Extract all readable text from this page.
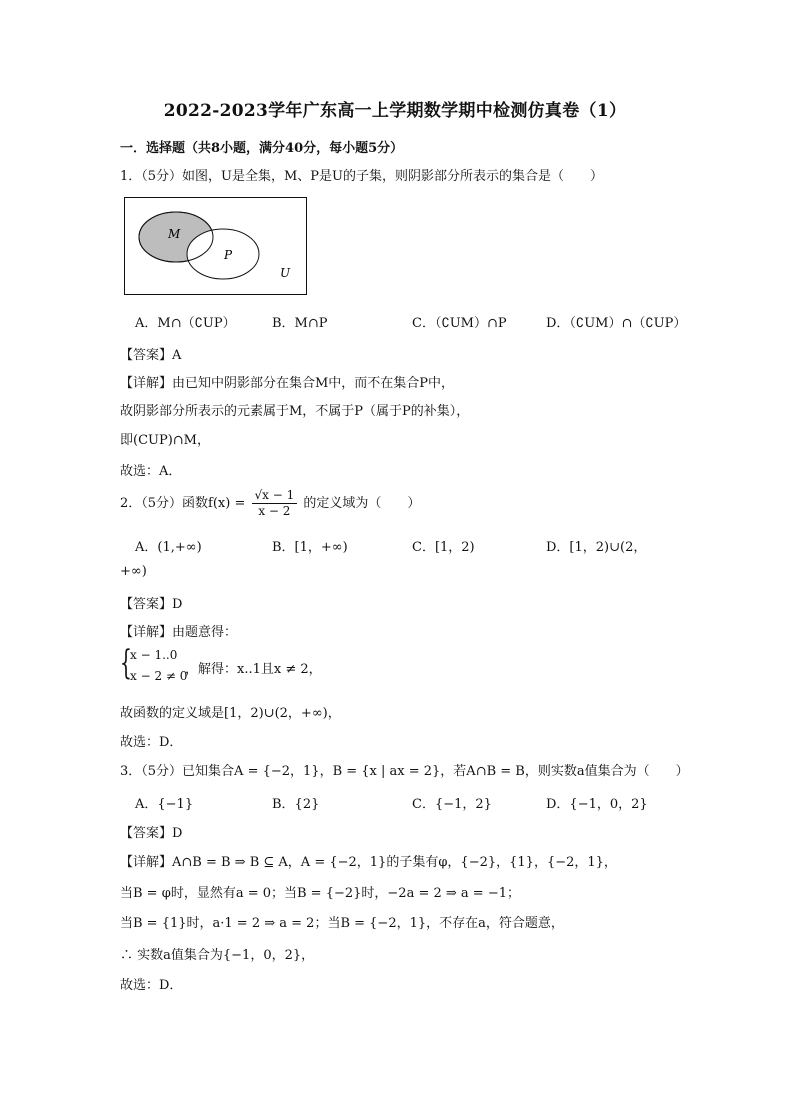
2022-2023学年广东高一上学期数学期中检测仿真卷（1）
一．选择题（共8小题，满分40分，每小题5分）
1．（5分）如图，U是全集，M、P是U的子集，则阴影部分所表示的集合是（　　）
M
P
U
A．M∩（∁UP）	B．M∩P	C．（∁UM）∩P	D．（∁UM）∩（∁UP）
【答案】A
【详解】由已知中阴影部分在集合M中，而不在集合P中，
故阴影部分所表示的元素属于M，不属于P（属于P的补集），
即(CUP)∩M，
故选：A．
2．（5分）函数$f(x) = \frac{√x - 1}{x - 2}$ 的定义域为（　　）
A．(1,+∞)	B．[1，+∞)	C．[1，2)	D．[1，2)∪(2，
+∞)
【答案】D
【详解】由题意得：
{
x − 1..0
x − 2 ≠ 0
，解得：x..1且x ≠ 2，
故函数的定义域是[1，2)∪(2，+∞)，
故选：D．
3．（5分）已知集合A = {−2，1}，B = {x | ax = 2}，若A∩B = B，则实数a值集合为（　　）
A．{−1}	B．{2}	C．{−1，2}	D．{−1，0，2}
【答案】D
【详解】A∩B = B ⇒ B ⊆ A，A = {−2，1}的子集有φ，{−2}，{1}，{−2，1}，
当B = φ时，显然有a = 0；当B = {−2}时，−2a = 2 ⇒ a = −1；
当B = {1}时，a·1 = 2 ⇒ a = 2；当B = {−2，1}，不存在a，符合题意，
∴ 实数a值集合为{−1，0，2}，
故选：D．
